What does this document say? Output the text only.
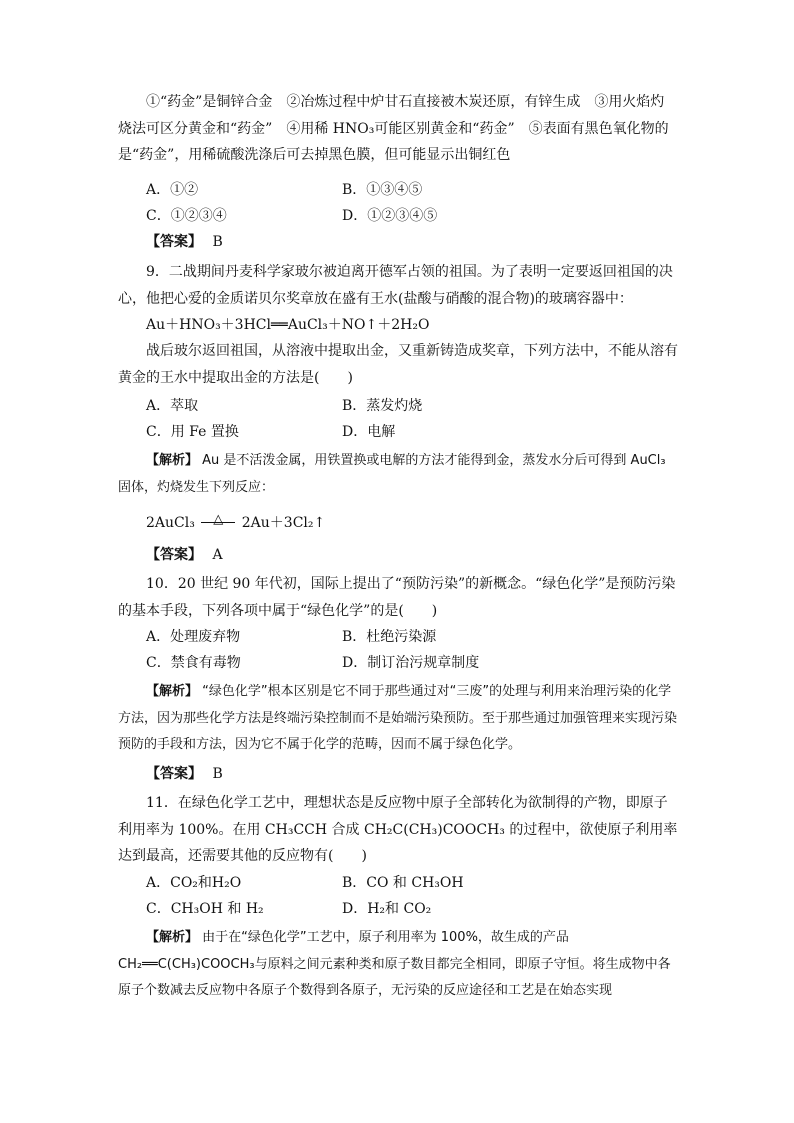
①“药金”是铜锌合金　②冶炼过程中炉甘石直接被木炭还原，有锌生成　③用火焰灼烧法可区分黄金和“药金”　④用稀 HNO₃可能区别黄金和“药金”　⑤表面有黑色氧化物的是“药金”，用稀硫酸洗涤后可去掉黑色膜，但可能显示出铜红色
A．①②	B．①③④⑤
C．①②③④	D．①②③④⑤
【答案】 B
9．二战期间丹麦科学家玻尔被迫离开德军占领的祖国。为了表明一定要返回祖国的决心，他把心爱的金质诺贝尔奖章放在盛有王水(盐酸与硝酸的混合物)的玻璃容器中：
Au＋HNO₃＋3HCl══AuCl₃＋NO↑＋2H₂O
战后玻尔返回祖国，从溶液中提取出金，又重新铸造成奖章，下列方法中，不能从溶有黄金的王水中提取出金的方法是(　　)
A．萃取	B．蒸发灼烧
C．用 Fe 置换	D．电解
【解析】 Au 是不活泼金属，用铁置换或电解的方法才能得到金，蒸发水分后可得到 AuCl₃ 固体，灼烧发生下列反应：
2AuCl₃	△	2Au＋3Cl₂↑
【答案】 A
10．20 世纪 90 年代初，国际上提出了“预防污染”的新概念。“绿色化学”是预防污染的基本手段，下列各项中属于“绿色化学”的是(　　)
A．处理废弃物	B．杜绝污染源
C．禁食有毒物	D．制订治污规章制度
【解析】 “绿色化学”根本区别是它不同于那些通过对“三废”的处理与利用来治理污染的化学方法，因为那些化学方法是终端污染控制而不是始端污染预防。至于那些通过加强管理来实现污染预防的手段和方法，因为它不属于化学的范畴，因而不属于绿色化学。
【答案】 B
11．在绿色化学工艺中，理想状态是反应物中原子全部转化为欲制得的产物，即原子利用率为 100%。在用 CH₃CCH 合成 CH₂C(CH₃)COOCH₃ 的过程中，欲使原子利用率达到最高，还需要其他的反应物有(　　)
A．CO₂和H₂O	B．CO 和 CH₃OH
C．CH₃OH 和 H₂	D．H₂和 CO₂
【解析】 由于在“绿色化学”工艺中，原子利用率为 100%，故生成的产品CH₂══C(CH₃)COOCH₃与原料之间元素种类和原子数目都完全相同，即原子守恒。将生成物中各原子个数减去反应物中各原子个数得到各原子，无污染的反应途径和工艺是在始态实现
